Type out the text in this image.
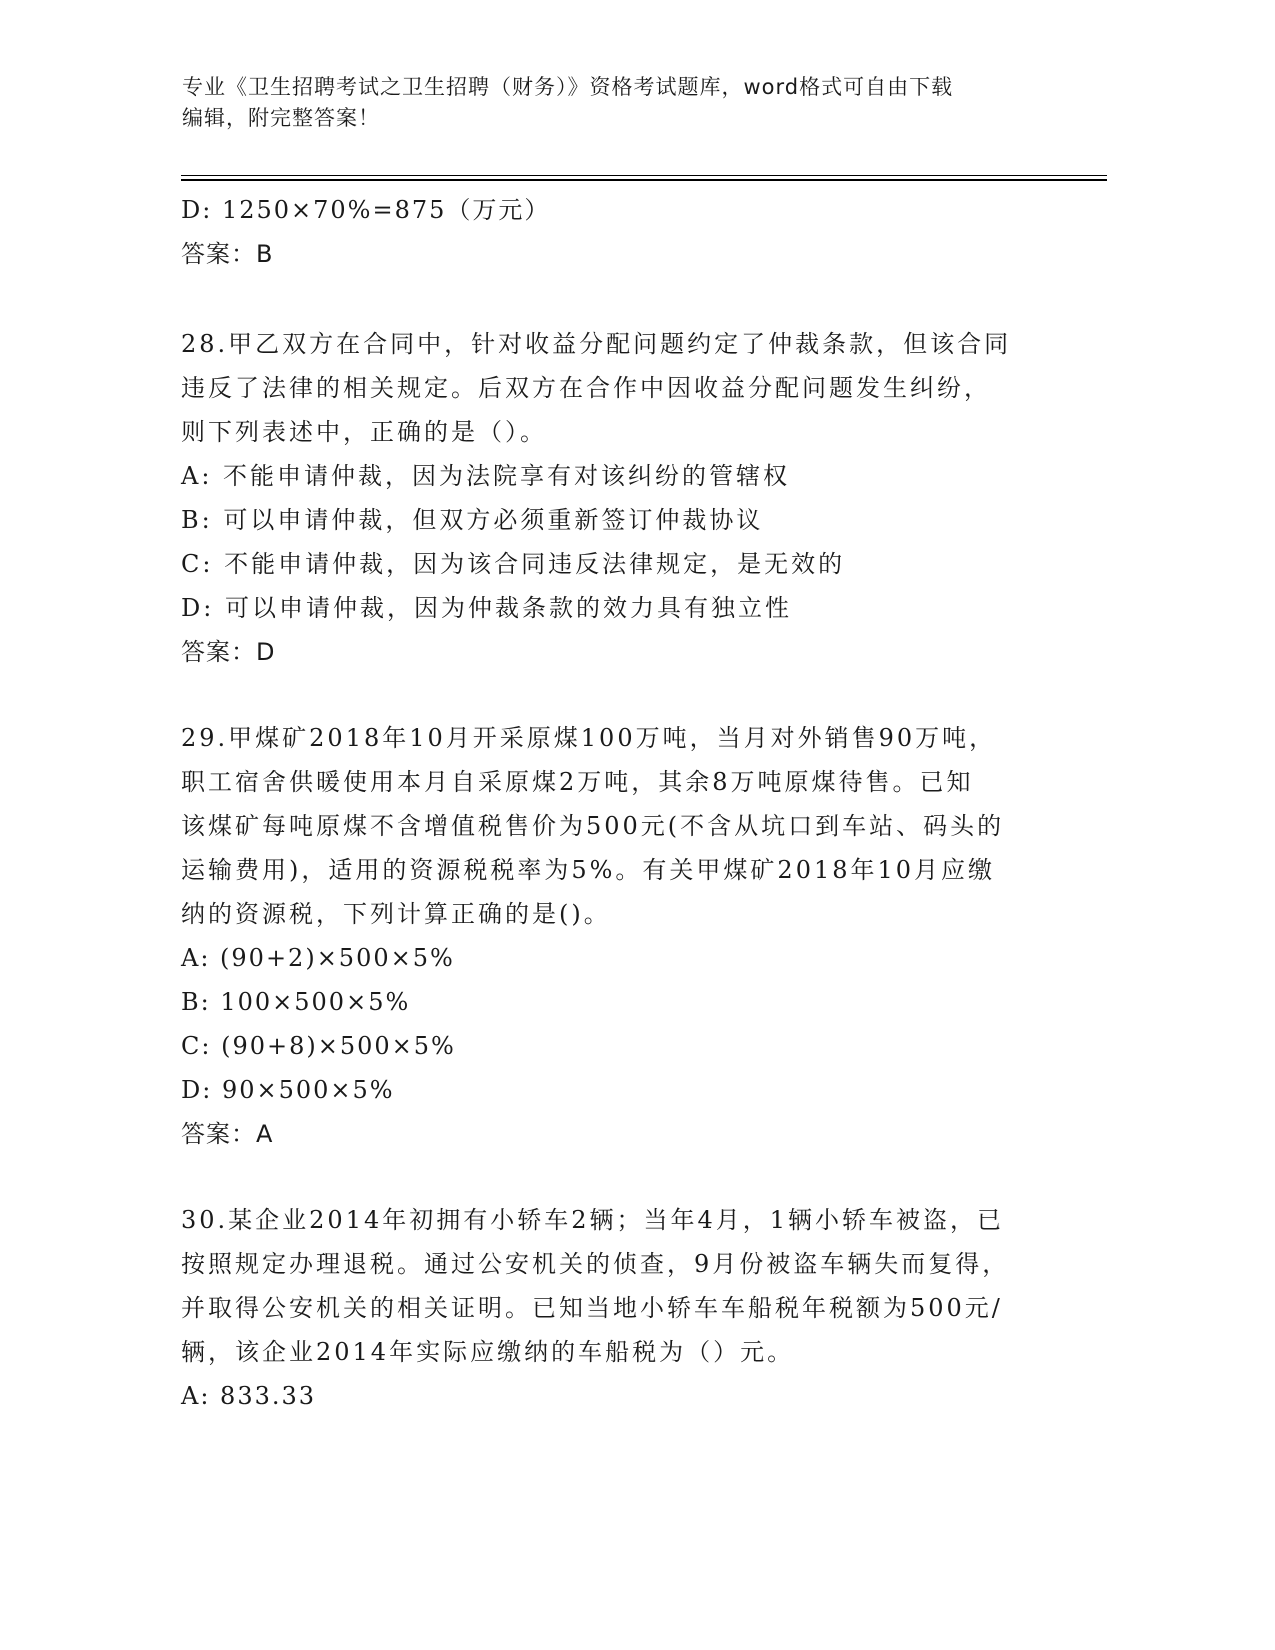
专业《卫生招聘考试之卫生招聘（财务）》资格考试题库，word格式可自由下载
编辑，附完整答案！
D: 1250×70%=875（万元）
答案：B
28.甲乙双方在合同中，针对收益分配问题约定了仲裁条款，但该合同
违反了法律的相关规定。后双方在合作中因收益分配问题发生纠纷，
则下列表述中，正确的是（）。
A: 不能申请仲裁，因为法院享有对该纠纷的管辖权
B: 可以申请仲裁，但双方必须重新签订仲裁协议
C: 不能申请仲裁，因为该合同违反法律规定，是无效的
D: 可以申请仲裁，因为仲裁条款的效力具有独立性
答案：D
29.甲煤矿2018年10月开采原煤100万吨，当月对外销售90万吨，
职工宿舍供暖使用本月自采原煤2万吨，其余8万吨原煤待售。已知
该煤矿每吨原煤不含增值税售价为500元(不含从坑口到车站、码头的
运输费用)，适用的资源税税率为5%。有关甲煤矿2018年10月应缴
纳的资源税，下列计算正确的是()。
A: (90+2)×500×5%
B: 100×500×5%
C: (90+8)×500×5%
D: 90×500×5%
答案：A
30.某企业2014年初拥有小轿车2辆；当年4月，1辆小轿车被盗，已
按照规定办理退税。通过公安机关的侦查，9月份被盗车辆失而复得，
并取得公安机关的相关证明。已知当地小轿车车船税年税额为500元/
辆，该企业2014年实际应缴纳的车船税为（）元。
A: 833.33
